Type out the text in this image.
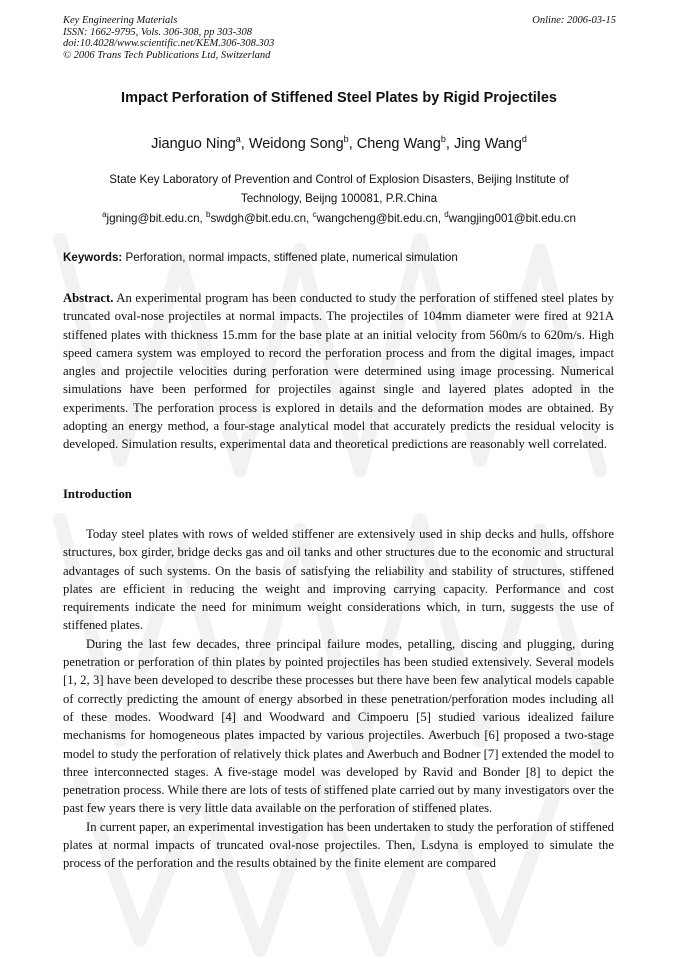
Key Engineering Materials
ISSN: 1662-9795, Vols. 306-308, pp 303-308
doi:10.4028/www.scientific.net/KEM.306-308.303
© 2006 Trans Tech Publications Ltd, Switzerland
Online: 2006-03-15
Impact Perforation of Stiffened Steel Plates by Rigid Projectiles
Jianguo Ning$^a$, Weidong Song$^b$, Cheng Wang$^b$, Jing Wang$^d$
State Key Laboratory of Prevention and Control of Explosion Disasters, Beijing Institute of Technology, Beijng 100081, P.R.China
$^a$jgning@bit.edu.cn, $^b$swdgh@bit.edu.cn, $^c$wangcheng@bit.edu.cn, $^d$wangjing001@bit.edu.cn
Keywords: Perforation, normal impacts, stiffened plate, numerical simulation
Abstract. An experimental program has been conducted to study the perforation of stiffened steel plates by truncated oval-nose projectiles at normal impacts. The projectiles of 104mm diameter were fired at 921A stiffened plates with thickness 15.mm for the base plate at an initial velocity from 560m/s to 620m/s. High speed camera system was employed to record the perforation process and from the digital images, impact angles and projectile velocities during perforation were determined using image processing. Numerical simulations have been performed for projectiles against single and layered plates adopted in the experiments. The perforation process is explored in details and the deformation modes are obtained. By adopting an energy method, a four-stage analytical model that accurately predicts the residual velocity is developed. Simulation results, experimental data and theoretical predictions are reasonably well correlated.
Introduction

Today steel plates with rows of welded stiffener are extensively used in ship decks and hulls, offshore structures, box girder, bridge decks gas and oil tanks and other structures due to the economic and structural advantages of such systems. On the basis of satisfying the reliability and stability of structures, stiffened plates are efficient in reducing the weight and improving carrying capacity. Performance and cost requirements indicate the need for minimum weight considerations which, in turn, suggests the use of stiffened plates.

During the last few decades, three principal failure modes, petalling, discing and plugging, during penetration or perforation of thin plates by pointed projectiles has been studied extensively. Several models [1, 2, 3] have been developed to describe these processes but there have been few analytical models capable of correctly predicting the amount of energy absorbed in these penetration/perforation modes including all of these modes. Woodward [4] and Woodward and Cimpoeru [5] studied various idealized failure mechanisms for homogeneous plates impacted by various projectiles. Awerbuch [6] proposed a two-stage model to study the perforation of relatively thick plates and Awerbuch and Bodner [7] extended the model to three interconnected stages. A five-stage model was developed by Ravid and Bonder [8] to depict the penetration process. While there are lots of tests of stiffened plate carried out by many investigators over the past few years there is very little data available on the perforation of stiffened plates.

In current paper, an experimental investigation has been undertaken to study the perforation of stiffened plates at normal impacts of truncated oval-nose projectiles. Then, Lsdyna is employed to simulate the process of the perforation and the results obtained by the finite element are compared
